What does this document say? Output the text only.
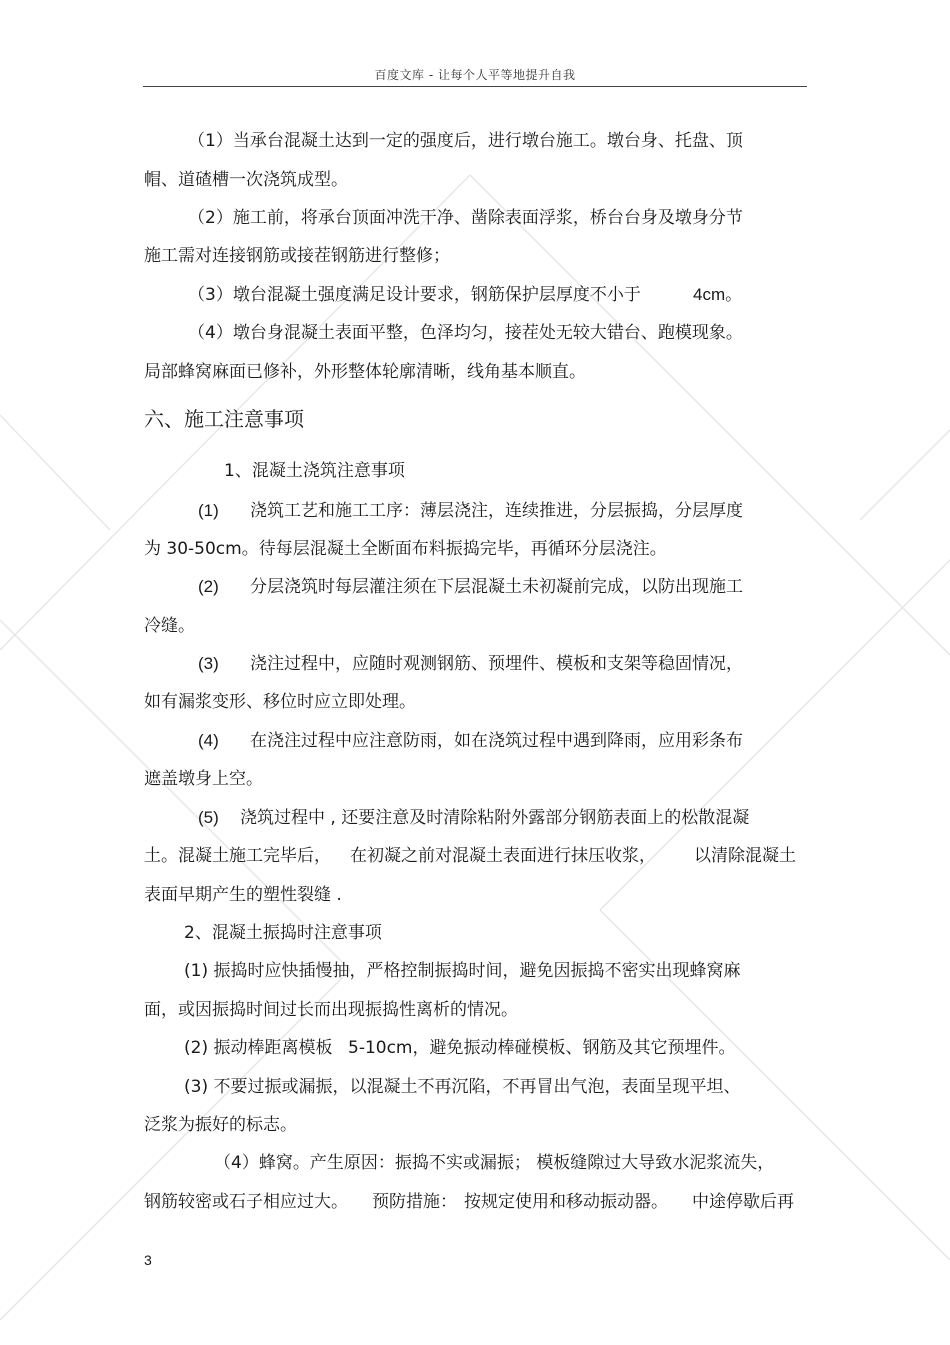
百度文库 - 让每个人平等地提升自我
（1）当承台混凝土达到一定的强度后，进行墩台施工。墩台身、托盘、顶
帽、道碴槽一次浇筑成型。
（2）施工前，将承台顶面冲洗干净、凿除表面浮浆，桥台台身及墩身分节
施工需对连接钢筋或接茬钢筋进行整修；
（3）墩台混凝土强度满足设计要求，钢筋保护层厚度不小于	4cm。
（4）墩台身混凝土表面平整，色泽均匀，接茬处无较大错台、跑模现象。
局部蜂窝麻面已修补，外形整体轮廓清晰，线角基本顺直。
六、施工注意事项
1、混凝土浇筑注意事项
(1) 浇筑工艺和施工工序：薄层浇注，连续推进，分层振捣，分层厚度
为 30-50cm。待每层混凝土全断面布料振捣完毕，再循环分层浇注。
(2) 分层浇筑时每层灌注须在下层混凝土未初凝前完成，以防出现施工
冷缝。
(3) 浇注过程中，应随时观测钢筋、预埋件、模板和支架等稳固情况，
如有漏浆变形、移位时应立即处理。
(4) 在浇注过程中应注意防雨，如在浇筑过程中遇到降雨，应用彩条布
遮盖墩身上空。
(5) 浇筑过程中 , 还要注意及时清除粘附外露部分钢筋表面上的松散混凝
土。混凝土施工完毕后， 在初凝之前对混凝土表面进行抹压收浆， 以清除混凝土
表面早期产生的塑性裂缝 .
2、混凝土振捣时注意事项
(1) 振捣时应快插慢抽，严格控制振捣时间，避免因振捣不密实出现蜂窝麻
面，或因振捣时间过长而出现振捣性离析的情况。
(2) 振动棒距离模板 5-10cm，避免振动棒碰模板、钢筋及其它预埋件。
(3) 不要过振或漏振，以混凝土不再沉陷，不再冒出气泡，表面呈现平坦、
泛浆为振好的标志。
（4）蜂窝。产生原因：振捣不实或漏振； 模板缝隙过大导致水泥浆流失，
钢筋较密或石子相应过大。 预防措施： 按规定使用和移动振动器。 中途停歇后再
3
